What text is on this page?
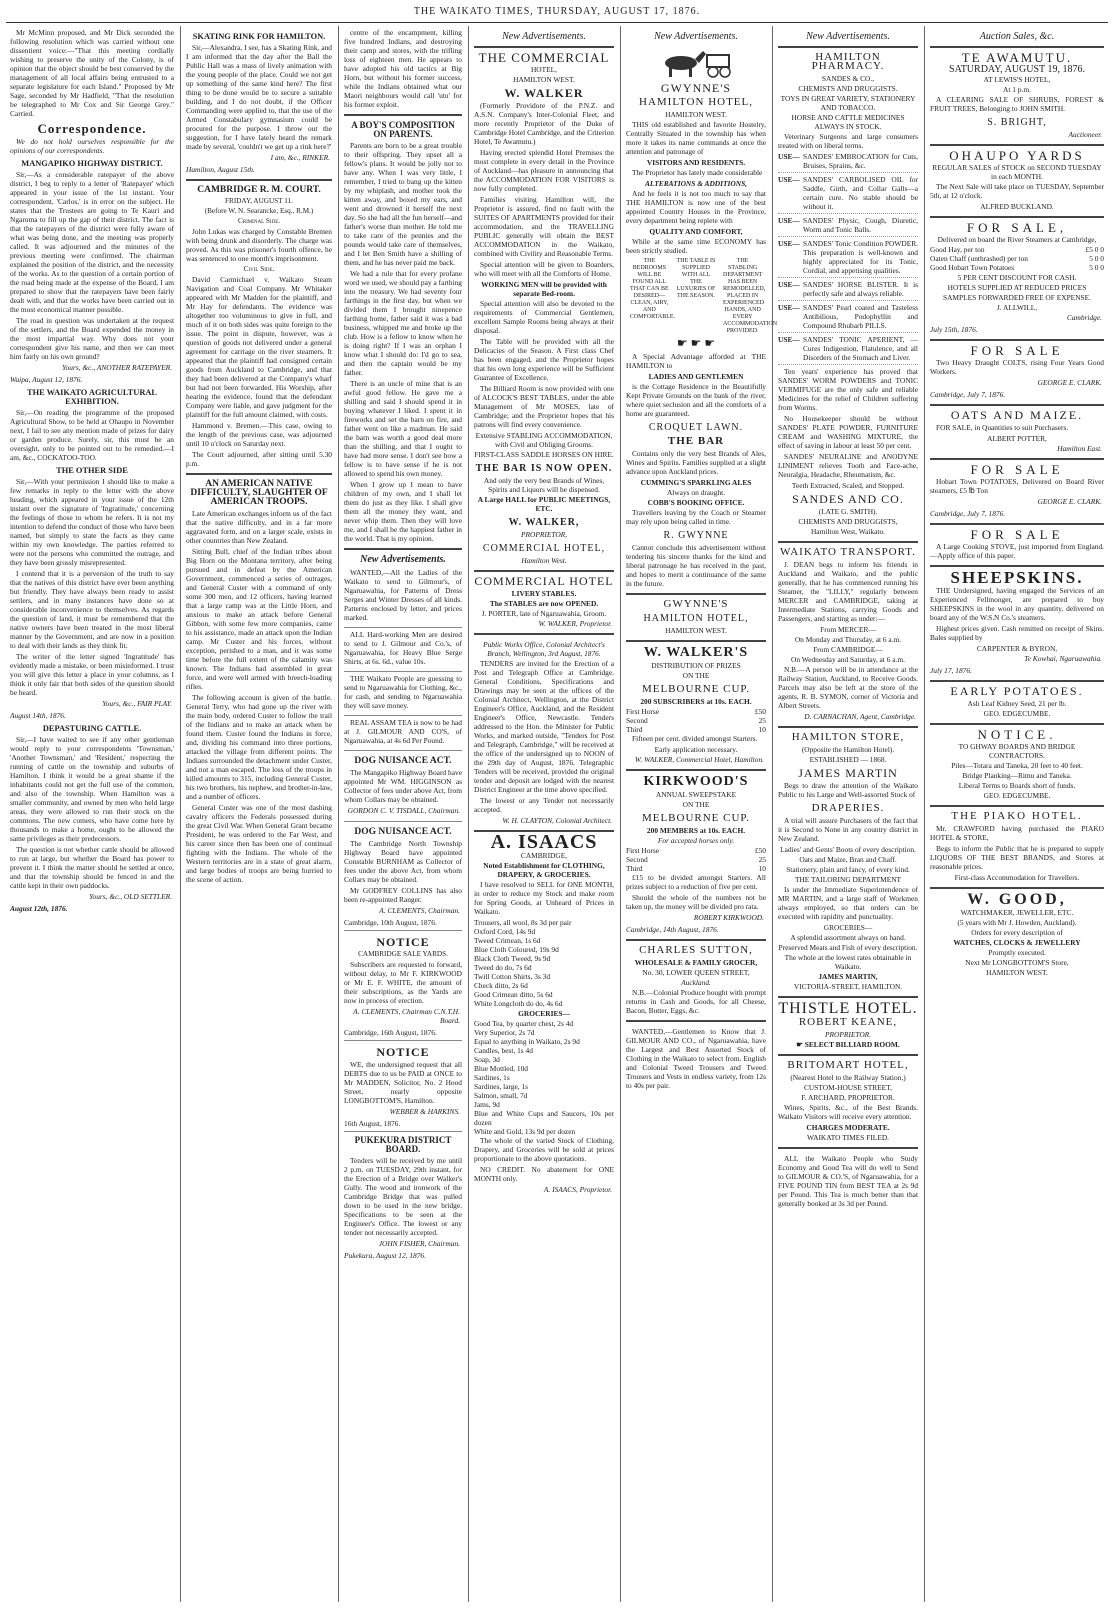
THE WAIKATO TIMES, THURSDAY, AUGUST 17, 1876.

Mr McMinn proposed, and Mr Dick seconded the following resolution which was carried without one dissentient voice:—"That this meeting cordially wishing to preserve the unity of the Colony, is of opinion that the object should be best conserved by the management of all local affairs being entrusted to a separate legislature for each Island." Proposed by Mr Sage, seconded by Mr Hadfield, "That the resolution be telegraphed to Mr Cox and Sir George Grey." Carried.

Correspondence.

We do not hold ourselves responsible for the opinions of our correspondents.

MANGAPIKO HIGHWAY DISTRICT.

Sir,—As a considerable ratepayer of the above district, I beg to reply to a letter of 'Ratepayer' which appeared in your issue of the 1st instant. Your correspondent, 'Carlos,' is in error on the subject. He states that the Trustees are going to Te Kauri and Ngaroma to fill up the gap of their district. The fact is that the ratepayers of the district were fully aware of what was being done, and the meeting was properly called. It was adjourned and the minutes of the previous meeting were confirmed. The chairman explained the position of the district, and the necessity of the works. As to the question of a certain portion of the road being made at the expense of the Board, I am prepared to show that the ratepayers have been fairly dealt with, and that the works have been carried out in the most economical manner possible.

The road in question was undertaken at the request of the settlers, and the Board expended the money in the most impartial way. Why does not your correspondent give his name, and then we can meet him fairly on his own ground?

Yours, &c., ANOTHER RATEPAYER.
Waipa, August 12, 1876.
THE WAIKATO AGRICULTURAL EXHIBITION.

Sir,—On reading the programme of the proposed Agricultural Show, to be held at Ohaupo in November next, I fail to see any mention made of prizes for dairy or garden produce. Surely, sir, this must be an oversight, only to be pointed out to be remedied.—I am, &c., COCKATOO-TOO.

THE OTHER SIDE

Sir,—With your permission I should like to make a few remarks in reply to the letter with the above heading, which appeared in your issue of the 12th instant over the signature of 'Ingratitude,' concerning the feelings of those to whom he refers. It is not my intention to defend the conduct of those who have been named, but simply to state the facts as they came within my own knowledge. The parties referred to were not the persons who committed the outrage, and they have been grossly misrepresented.

I contend that it is a perversion of the truth to say that the natives of this district have ever been anything but friendly. They have always been ready to assist settlers, and in many instances have done so at considerable inconvenience to themselves. As regards the question of land, it must be remembered that the native owners have been treated in the most liberal manner by the Government, and are now in a position to deal with their lands as they think fit.

The writer of the letter signed 'Ingratitude' has evidently made a mistake, or been misinformed. I trust you will give this letter a place in your columns, as I think it only fair that both sides of the question should be heard.

Yours, &c., FAIR PLAY.
August 14th, 1876.
DEPASTURING CATTLE.

Sir,—I have waited to see if any other gentleman would reply to your correspondents 'Townsman,' 'Another Townsman,' and 'Resident,' respecting the running of cattle on the township and suburbs of Hamilton. I think it would be a great shame if the inhabitants could not get the full use of the common, and also of the township. When Hamilton was a smaller community, and owned by men who held large areas, they were allowed to run their stock on the commons. The new comers, who have come here by thousands to make a home, ought to be allowed the same privileges as their predecessors.

The question is not whether cattle should be allowed to run at large, but whether the Board has power to prevent it. I think the matter should be settled at once, and that the township should be fenced in and the cattle kept in their own paddocks.

Yours, &c., OLD SETTLER.
August 12th, 1876.
SKATING RINK FOR HAMILTON.

Sir,—Alexandra, I see, has a Skating Rink, and I am informed that the day after the Ball the Public Hall was a mass of lively animation with the young people of the place. Could we not get up something of the same kind here? The first thing to be done would be to secure a suitable building, and I do not doubt, if the Officer Commanding were applied to, that the use of the Armed Constabulary gymnasium could be procured for the purpose. I throw out the suggestion, for I have lately heard the remark made by several, 'couldn't we get up a rink here?'

I am, &c., RINKER.
Hamilton, August 15th.
CAMBRIDGE R. M. COURT.
FRIDAY, AUGUST 11.
(Before W. N. Searancke, Esq., R.M.)
Criminal Side.

John Lukas was charged by Constable Bremen with being drunk and disorderly. The charge was proved. As this was prisoner's fourth offence, he was sentenced to one month's imprisonment.

Civil Side.

David Carmichael v. Waikato Steam Navigation and Coal Company. Mr Whitaker appeared with Mr Madden for the plaintiff, and Mr Hay for defendants. The evidence was altogether too voluminous to give in full, and much of it on both sides was quite foreign to the issue. The point in dispute, however, was a question of goods not delivered under a general agreement for carriage on the river steamers. It appeared that the plaintiff had consigned certain goods from Auckland to Cambridge, and that they had been delivered at the Company's wharf but had not been forwarded. His Worship, after hearing the evidence, found that the defendant Company were liable, and gave judgment for the plaintiff for the full amount claimed, with costs.

Hammond v. Bremen.—This case, owing to the length of the previous case, was adjourned until 10 o'clock on Saturday next.

The Court adjourned, after sitting until 5.30 p.m.

AN AMERICAN NATIVE DIFFICULTY, SLAUGHTER OF AMERICAN TROOPS.

Late American exchanges inform us of the fact that the native difficulty, and in a far more aggravated form, and on a larger scale, exists in other countries than New Zealand.

Sitting Bull, chief of the Indian tribes about Big Horn on the Montana territory, after being pursued and in defeat by the American Government, commenced a series of outrages, and General Custer with a command of only some 300 men, and 12 officers, having learned that a large camp was at the Little Horn, and anxious to make an attack before General Gibbon, with some few more companies, came to his assistance, made an attack upon the Indian camp. Mr Custer and his forces, without exception, perished to a man, and it was some time before the full extent of the calamity was known. The Indians had assembled in great force, and were well armed with breech-loading rifles.

The following account is given of the battle. General Terry, who had gone up the river with the main body, ordered Custer to follow the trail of the Indians and to make an attack when he found them. Custer found the Indians in force, and, dividing his command into three portions, attacked the village from different points. The Indians surrounded the detachment under Custer, and not a man escaped. The loss of the troops in killed amounts to 315, including General Custer, his two brothers, his nephew, and brother-in-law, and a number of officers.

General Custer was one of the most dashing cavalry officers the Federals possessed during the great Civil War. When General Grant became President, he was ordered to the Far West, and his career since then has been one of continual fighting with the Indians. The whole of the Western territories are in a state of great alarm, and large bodies of troops are being hurried to the scene of action.

centre of the encampment, killing five hundred Indians, and destroying their camp and stores, with the trifling loss of eighteen men. He appears to have adopted his old tactics at Big Horn, but without his former success, while the Indians obtained what our Maori neighbours would call 'utu' for his former exploit.

A BOY'S COMPOSITION ON PARENTS.

Parents are born to be a great trouble to their offspring. They upset all a fellow's plans. It would be jolly not to have any. When I was very little, I remember, I tried to bang up the kitten by my whiplash, and mother took the kitten away, and boxed my ears, and went and drowned it herself the next day. So she had all the fun herself—and father's worse than mother. He told me to take care of the pennies and the pounds would take care of themselves, and I let Ben Smith have a shilling of them, and he has never paid me back.

We had a rule that for every profane word we used, we should pay a farthing into the treasury. We had seventy four farthings in the first day, but when we divided them I brought ninepence farthing home, father said it was a bad business, whipped me and broke up the club. How is a fellow to know when he is doing right? If I was an orphan I know what I should do: I'd go to sea, and then the captain would be my father.

There is an uncle of mine that is an awful good fellow. He gave me a shilling and said I should spend it in buying whatever I liked. I spent it in fireworks and set the barn on fire, and father went on like a madman. He said the barn was worth a good deal more than the shilling, and that I ought to have had more sense. I don't see how a fellow is to have sense if he is not allowed to spend his own money.

When I grow up I mean to have children of my own, and I shall let them do just as they like. I shall give them all the money they want, and never whip them. Then they will love me, and I shall be the happiest father in the world. That is my opinion.

New Advertisements.

WANTED,—All the Ladies of the Waikato to send to Gilmour's, of Ngaruawahia, for Patterns of Dress Serges and Winter Dresses of all kinds. Patterns enclosed by letter, and prices marked.

ALL Hard-working Men are desired to send to J. Gilmour and Co.'s, of Ngaruawahia, for Heavy Blue Serge Shirts, at 6s. 6d., value 10s.

THE Waikato People are guessing to send to Ngaruawahia for Clothing, &c., for cash, and sending to Ngaruawahia they will save money.

REAL ASSAM TEA is now to be had at J. GILMOUR AND CO'S, of Ngaruawahia, at 4s 6d Per Pound.

DOG NUISANCE ACT.

The Mangapiko Highway Board have appointed Mr WM. HIGGINSON as Collector of fees under above Act, from whom Collars may be obtained.

GORDON C. V. TISDALL, Chairman.
DOG NUISANCE ACT.

The Cambridge North Township Highway Board have appointed Constable BURNHAM as Collector of fees under the above Act, from whom Collars may be obtained.

Mr GODFREY COLLINS has also been re-appointed Ranger.

A. CLEMENTS, Chairman.
Cambridge, 10th August, 1876.
NOTICE
CAMBRIDGE SALE YARDS.

Subscribers are requested to forward, without delay, to Mr F. KIRKWOOD or Mr E. F. WHITE, the amount of their subscriptions, as the Yards are now in process of erection.

A. CLEMENTS, Chairman C.N.T.H. Board.
Cambridge, 16th August, 1876.
NOTICE

WE, the undersigned request that all DEBTS due to us be PAID at ONCE to Mr MADDEN, Solicitor, No. 2 Hood Street, nearly opposite LONGBOTTOM'S, Hamilton.

WEBBER & HARKINS.
16th August, 1876.
PUKEKURA DISTRICT BOARD.

Tenders will be received by me until 2 p.m. on TUESDAY, 29th instant, for the Erection of a Bridge over Walker's Gully. The wood and ironwork of the Cambridge Bridge that was pulled down to be used in the new bridge. Specifications to be seen at the Engineer's Office. The lowest or any tender not necessarily accepted.

JOHN FISHER, Chairman.
Pukekura, August 12, 1876.
New Advertisements.
THE COMMERCIAL
HOTEL,
HAMILTON WEST.
W. WALKER

(Formerly Providore of the P.N.Z. and A.S.N. Company's Inter-Colonial Fleet, and more recently Proprietor of the Duke of Cambridge Hotel Cambridge, and the Criterion Hotel, Te Awamutu.)

Having erected splendid Hotel Premises the most complete in every detail in the Province of Auckland—has pleasure in announcing that the ACCOMMODATION FOR VISITORS is now fully completed.

Families visiting Hamilton will, the Proprietor is assured, find no fault with the SUITES OF APARTMENTS provided for their accommodation, and the TRAVELLING PUBLIC generally will obtain the BEST ACCOMMODATION in the Waikato, combined with Civility and Reasonable Terms.

Special attention will be given to Boarders, who will meet with all the Comforts of Home.

WORKING MEN will be provided with separate Bed-room.

Special attention will also be devoted to the requirements of Commercial Gentlemen, excellent Sample Rooms being always at their disposal.

The Table will be provided with all the Delicacies of the Season. A First class Chef has been engaged, and the Proprietor hopes that his own long experience will be Sufficient Guarantee of Excellence.

The Billiard Room is now provided with one of ALCOCK'S BEST TABLES, under the able Management of Mr MOSES, late of Cambridge; and the Proprietor hopes that his patrons will find every convenience.

Extensive STABLING ACCOMMODATION, with Civil and Obliging Grooms.
FIRST-CLASS SADDLE HORSES ON HIRE.
THE BAR IS NOW OPEN.
And only the very best Brands of Wines, Spirits and Liquors will be dispensed.
A Large HALL for PUBLIC MEETINGS, ETC.
W. WALKER,
PROPRIETOR,
COMMERCIAL HOTEL,
Hamilton West.
COMMERCIAL HOTEL
LIVERY STABLES.
The STABLES are now OPENED.
J. PORTER, late of Ngaruawahia, Groom.
W. WALKER, Proprietor.
Public Works Office, Colonial Architect's Branch, Wellington, 3rd August, 1876.

TENDERS are invited for the Erection of a Post and Telegraph Office at Cambridge. General Conditions, Specifications and Drawings may be seen at the offices of the Colonial Architect, Wellington, at the District Engineer's Office, Auckland, and the Resident Engineer's Office, Newcastle. Tenders addressed to the Hon. the Minister for Public Works, and marked outside, "Tenders for Post and Telegraph, Cambridge," will be received at the office of the undersigned up to NOON of the 29th day of August, 1876. Telegraphic Tenders will be received, provided the original tender and deposit are lodged with the nearest District Engineer at the time above specified.

The lowest or any Tender not necessarily accepted.

W. H. CLAYTON, Colonial Architect.
A. ISAACS
CAMBRIDGE,
Noted Establishment for CLOTHING, DRAPERY, & GROCERIES.

I have resolved to SELL for ONE MONTH, in order to reduce my Stock and make room for Spring Goods, at Unheard of Prices in Waikato.

Trousers, all wool, 8s 3d per pair
Oxford Cord, 14s 9d
Tweed Crimean, 1s 6d
Blue Cloth Coloured, 19s 9d
Black Cloth Tweed, 9s 9d
Tweed do do, 7s 6d
Twill Cotton Shirts, 3s 3d
Check ditto, 2s 6d
Good Crimean ditto, 5s 6d
White Longcloth do do, 4s 6d
GROCERIES—
Good Tea, by quarter chest, 2s 4d
Very Superior, 2s 7d
Equal to anything in Waikato, 2s 9d
Candles, best, 1s 4d
Soap, 3d
Blue Mottled, 10d
Sardines, 1s
Sardines, large, 1s
Salmon, small, 7d
Jams, 9d
Blue and White Cups and Saucers, 10s per dozen
White and Gold, 13s 9d per dozen

The whole of the varied Stock of Clothing, Drapery, and Groceries will be sold at prices proportionate to the above quotations.

NO CREDIT. No abatement for ONE MONTH only.

A. ISAACS, Proprietor.
New Advertisements.
GWYNNE'S
HAMILTON HOTEL,
HAMILTON WEST.

THIS old established and favorite Hostelry, Centrally Situated in the township has when more it takes its name commands at once the attention and patronage of

VISITORS AND RESIDENTS.

The Proprietor has lately made considerable

ALTERATIONS & ADDITIONS,

And he feels it is not too much to say that THE HAMILTON is now one of the best appointed Country Houses in the Province, every department being replete with

QUALITY AND COMFORT,

While at the same time ECONOMY has been strictly studied.

THE BEDROOMS WILL BE FOUND ALL THAT CAN BE DESIRED— CLEAN, AIRY, AND COMFORTABLE.
THE TABLE IS SUPPLIED WITH ALL THE LUXURIES OF THE SEASON.
THE STABLING DEPARTMENT HAS BEEN REMODELLED, PLACED IN EXPERIENCED HANDS, AND EVERY ACCOMMODATION PROVIDED.
☛ ☛ ☛

A Special Advantage afforded at THE HAMILTON to

LADIES AND GENTLEMEN

is the Cottage Residence in the Beautifully Kept Private Grounds on the bank of the river, where quiet seclusion and all the comforts of a home are guaranteed.

CROQUET LAWN.
THE BAR

Contains only the very best Brands of Ales, Wines and Spirits. Families supplied at a slight advance upon Auckland prices.

CUMMING'S SPARKLING ALES
Always on draught.
COBB'S BOOKING OFFICE.

Travellers leaving by the Coach or Steamer may rely upon being called in time.

R. GWYNNE

Cannot conclude this advertisement without tendering his sincere thanks for the kind and liberal patronage he has received in the past, and hopes to merit a continuance of the same in the future.

GWYNNE'S
HAMILTON HOTEL,
HAMILTON WEST.
W. WALKER'S
DISTRIBUTION OF PRIZES
ON THE
MELBOURNE CUP.
200 SUBSCRIBERS at 10s. EACH.
First Horse	£50
Second	25
Third	10

Fifteen per cent. divided amongst Starters.

Early application necessary.
W. WALKER, Commercial Hotel, Hamilton.
KIRKWOOD'S
ANNUAL SWEEPSTAKE
ON THE
MELBOURNE CUP.
200 MEMBERS at 10s. EACH.
For accepted horses only.
First Horse	£50
Second	25
Third	10

£15 to be divided amongst Starters. All prizes subject to a reduction of five per cent.

Should the whole of the numbers not be taken up, the money will be divided pro rata.

ROBERT KIRKWOOD.
Cambridge, 14th August, 1876.
CHARLES SUTTON,
WHOLESALE & FAMILY GROCER,
No. 30, LOWER QUEEN STREET,
Auckland.

N.B.—Colonial Produce bought with prompt returns in Cash and Goods, for all Cheese, Bacon, Butter, Eggs, &c.

WANTED,—Gentlemen to Know that J. GILMOUR AND CO., of Ngaruawahia, have the Largest and Best Assorted Stock of Clothing in the Waikato to select from. English and Colonial Tweed Trousers and Tweed Trousers and Vests in endless variety, from 12s to 40s per pair.

New Advertisements.
HAMILTON PHARMACY.
SANDES & CO.,
CHEMISTS AND DRUGGISTS.
TOYS IN GREAT VARIETY, STATIONERY AND TOBACCO.
HORSE AND CATTLE MEDICINES ALWAYS IN STOCK.

Veterinary Surgeons and large consumers treated with on liberal terms.

USE— SANDES' EMBROCATION for Cuts, Bruises, Sprains, &c.
USE— SANDES' CARBOLISED OIL for Saddle, Girth, and Collar Galls—a certain cure. No stable should be without it.
USE— SANDES' Physic, Cough, Diuretic, Worm and Tonic Balls.
USE— SANDES' Tonic Condition POWDER. This preparation is well-known and highly appreciated for its Tonic, Cordial, and appetising qualities.
USE— SANDES' HORSE BLISTER. It is perfectly safe and always reliable.
USE— SANDES' Pearl coated and Tasteless Antibilious, Podophyllin and Compound Rhubarb PILLS.
USE— SANDES' TONIC APERIENT, —Cures Indigestion, Flatulence, and all Disorders of the Stomach and Liver.

Ten years' experience has proved that SANDES' WORM POWDERS and TONIC VERMIFUGE are the only safe and reliable Medicines for the relief of Children suffering from Worms.

No Housekeeper should be without SANDES' PLATE POWDER, FURNITURE CREAM and WASHING MIXTURE, the effect of saving in labour at least 50 per cent.

SANDES' NEURALINE and ANODYNE LINIMENT relieves Tooth and Face-ache, Neuralgia, Headache, Rheumatism, &c.

Teeth Extracted, Scaled, and Stopped.
SANDES AND CO.
(LATE G. SMITH).
CHEMISTS AND DRUGGISTS,
Hamilton West, Waikato.
WAIKATO TRANSPORT.

J. DEAN begs to inform his friends in Auckland and Waikato, and the public generally, that he has commenced running his Steamer, the "LILLY," regularly between MERCER and CAMBRIDGE, taking at Intermediate Stations, carrying Goods and Passengers, and starting as under:—

From MERCER—
On Monday and Thursday, at 6 a.m.
From CAMBRIDGE—
On Wednesday and Saturday, at 6 a.m.

N.B.—A person will be in attendance at the Railway Station, Auckland, to Receive Goods. Parcels may also be left at the store of the agents, R. B. SYMON, corner of Victoria and Albert Streets.

D. CARNACHAN, Agent, Cambridge.
HAMILTON STORE,
(Opposite the Hamilton Hotel).
ESTABLISHED — 1868.
JAMES MARTIN

Begs to draw the attention of the Waikato Public to his Large and Well-assorted Stock of

DRAPERIES.

A trial will assure Purchasers of the fact that it is Second to None in any country district in New Zealand.

Ladies' and Gents' Boots of every description.
Oats and Maize, Bran and Chaff.
Stationery, plain and fancy, of every kind.
THE TAILORING DEPARTMENT

Is under the Immediate Superintendence of MR MARTIN, and a large staff of Workmen always employed, so that orders can be executed with rapidity and punctuality.

GROCERIES—
A splendid assortment always on hand.
Preserved Meats and Fish of every description.
The whole at the lowest rates obtainable in Waikato.
JAMES MARTIN,
VICTORIA-STREET, HAMILTON.
THISTLE HOTEL.
ROBERT KEANE,
PROPRIETOR.
☛ SELECT BILLIARD ROOM.
BRITOMART HOTEL,
(Nearest Hotel to the Railway Station,)
CUSTOM-HOUSE STREET,
F. ARCHARD, PROPRIETOR.

Wines, Spirits, &c., of the Best Brands. Waikato Visitors will receive every attention.

CHARGES MODERATE.
WAIKATO TIMES FILED.

ALL the Waikato People who Study Economy and Good Tea will do well to Send to GILMOUR & CO.'S, of Ngaruawahia, for a FIVE POUND TIN from BEST TEA at 2s 9d per Pound. This Tea is much better than that generally booked at 3s 3d per Pound.

Auction Sales, &c.
TE AWAMUTU.
SATURDAY, AUGUST 19, 1876.
AT LEWIS'S HOTEL,
At 1 p.m.

A CLEARING SALE OF SHRUBS, FOREST & FRUIT TREES, Belonging to JOHN SMITH.

S. BRIGHT,
Auctioneer.
OHAUPO YARDS
REGULAR SALES of STOCK on SECOND TUESDAY in each MONTH.

The Next Sale will take place on TUESDAY, September 5th, at 12 o'clock.

ALFRED BUCKLAND.
FOR SALE,
Delivered on board the River Steamers at Cambridge,
Good Hay, per ton	£5 0 0
Oaten Chaff (unthrashed) per ton	5 0 0
Good Hobart Town Potatoes	5 0 0
5 PER CENT DISCOUNT FOR CASH.
HOTELS SUPPLIED AT REDUCED PRICES
SAMPLES FORWARDED FREE OF EXPENSE.
J. ALLWILL,
Cambridge.
July 15th, 1876.
FOR SALE

Two Heavy Draught COLTS, rising Four Years Good Workers.

GEORGE E. CLARK.
Cambridge, July 7, 1876.
OATS AND MAIZE.

FOR SALE, in Quantities to suit Purchasers.

ALBERT POTTER,
Hamilton East.
FOR SALE

Hobart Town POTATOES, Delivered on Board River steamers, £5 ℔ Ton

GEORGE E. CLARK.
Cambridge, July 7, 1876.
FOR SALE

A Large Cooking STOVE, just imported from England.—Apply office of this paper.

SHEEPSKINS.

THE Undersigned, having engaged the Services of an Experienced Fellmonger, are prepared to buy SHEEPSKINS in the wool in any quantity, delivered on board any of the W.S.N Co.'s steamers.

Highest prices given. Cash remitted on receipt of Skins. Bales supplied by

CARPENTER & BYRON,
Te Kowhai, Ngaruawahia.
July 17, 1876.
EARLY POTATOES.
Ash Leaf Kidney Seed, 21 per lb.
GEO. EDGECUMBE.
NOTICE.
TO GHWAY BOARDS AND BRIDGE CONTRACTORS.
Piles—Totara and Taneka, 20 feet to 40 feet.
Bridge Planking—Rimu and Taneka.
Liberal Terms to Boards short of funds.
GEO. EDGECUMBE.
THE PIAKO HOTEL.

Mr. CRAWFORD having purchased the PIAKO HOTEL & STORE,

Begs to inform the Public that he is prepared to supply LIQUORS OF THE BEST BRANDS, and Stores at reasonable prices.

First-class Accommodation for Travellers.
W. GOOD,
WATCHMAKER, JEWELLER, ETC.
(5 years with Mr J. Howden, Auckland).
Orders for every description of
WATCHES, CLOCKS & JEWELLERY
Promptly executed.
Next Mr LONGBOTTOM'S Store,
HAMILTON WEST.
